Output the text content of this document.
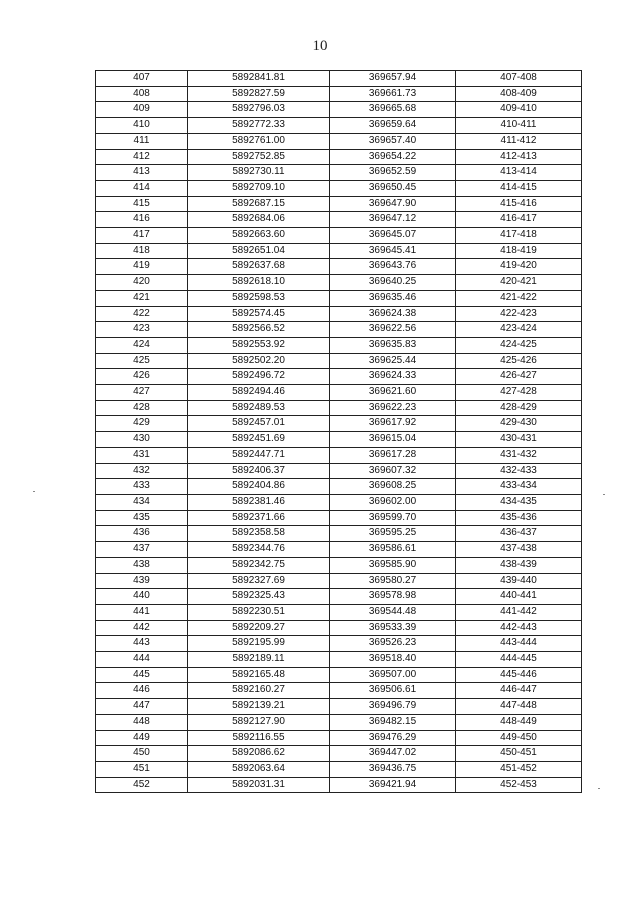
10
407	5892841.81	369657.94	407-408
408	5892827.59	369661.73	408-409
409	5892796.03	369665.68	409-410
410	5892772.33	369659.64	410-411
411	5892761.00	369657.40	411-412
412	5892752.85	369654.22	412-413
413	5892730.11	369652.59	413-414
414	5892709.10	369650.45	414-415
415	5892687.15	369647.90	415-416
416	5892684.06	369647.12	416-417
417	5892663.60	369645.07	417-418
418	5892651.04	369645.41	418-419
419	5892637.68	369643.76	419-420
420	5892618.10	369640.25	420-421
421	5892598.53	369635.46	421-422
422	5892574.45	369624.38	422-423
423	5892566.52	369622.56	423-424
424	5892553.92	369635.83	424-425
425	5892502.20	369625.44	425-426
426	5892496.72	369624.33	426-427
427	5892494.46	369621.60	427-428
428	5892489.53	369622.23	428-429
429	5892457.01	369617.92	429-430
430	5892451.69	369615.04	430-431
431	5892447.71	369617.28	431-432
432	5892406.37	369607.32	432-433
433	5892404.86	369608.25	433-434
434	5892381.46	369602.00	434-435
435	5892371.66	369599.70	435-436
436	5892358.58	369595.25	436-437
437	5892344.76	369586.61	437-438
438	5892342.75	369585.90	438-439
439	5892327.69	369580.27	439-440
440	5892325.43	369578.98	440-441
441	5892230.51	369544.48	441-442
442	5892209.27	369533.39	442-443
443	5892195.99	369526.23	443-444
444	5892189.11	369518.40	444-445
445	5892165.48	369507.00	445-446
446	5892160.27	369506.61	446-447
447	5892139.21	369496.79	447-448
448	5892127.90	369482.15	448-449
449	5892116.55	369476.29	449-450
450	5892086.62	369447.02	450-451
451	5892063.64	369436.75	451-452
452	5892031.31	369421.94	452-453
